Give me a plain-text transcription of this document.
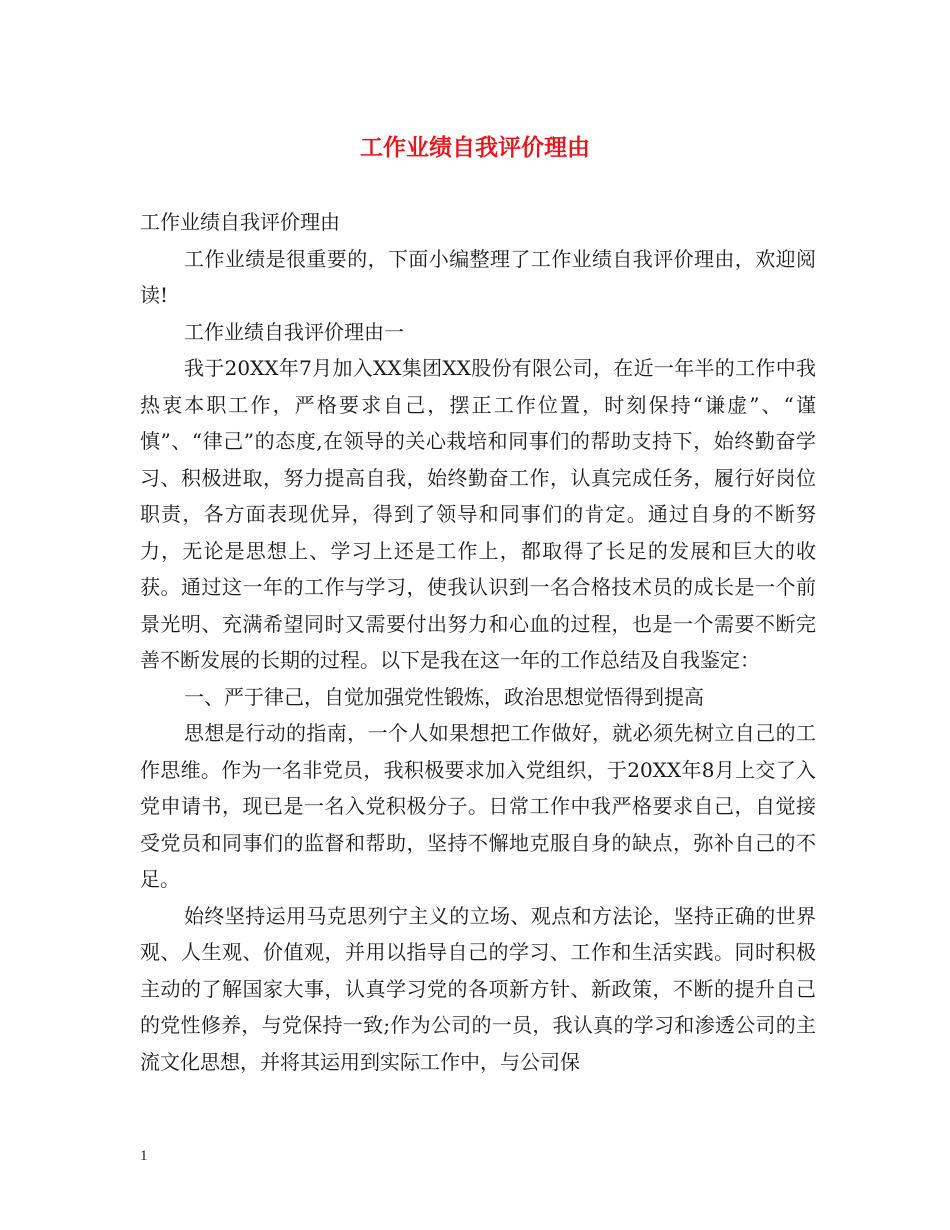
工作业绩自我评价理由

工作业绩自我评价理由

工作业绩是很重要的，下面小编整理了工作业绩自我评价理由，欢迎阅读!

工作业绩自我评价理由一

我于20XX年7月加入XX集团XX股份有限公司，在近一年半的工作中我热衷本职工作，严格要求自己，摆正工作位置，时刻保持“谦虚”、“谨慎”、“律己”的态度,在领导的关心栽培和同事们的帮助支持下，始终勤奋学习、积极进取，努力提高自我，始终勤奋工作，认真完成任务，履行好岗位职责，各方面表现优异，得到了领导和同事们的肯定。通过自身的不断努力，无论是思想上、学习上还是工作上，都取得了长足的发展和巨大的收获。通过这一年的工作与学习，使我认识到一名合格技术员的成长是一个前景光明、充满希望同时又需要付出努力和心血的过程，也是一个需要不断完善不断发展的长期的过程。以下是我在这一年的工作总结及自我鉴定：

一、严于律己，自觉加强党性锻炼，政治思想觉悟得到提高

思想是行动的指南，一个人如果想把工作做好，就必须先树立自己的工作思维。作为一名非党员，我积极要求加入党组织，于20XX年8月上交了入党申请书，现已是一名入党积极分子。日常工作中我严格要求自己，自觉接受党员和同事们的监督和帮助，坚持不懈地克服自身的缺点，弥补自己的不足。

始终坚持运用马克思列宁主义的立场、观点和方法论，坚持正确的世界观、人生观、价值观，并用以指导自己的学习、工作和生活实践。同时积极主动的了解国家大事，认真学习党的各项新方针、新政策，不断的提升自己的党性修养，与党保持一致;作为公司的一员，我认真的学习和渗透公司的主流文化思想，并将其运用到实际工作中，与公司保

1
